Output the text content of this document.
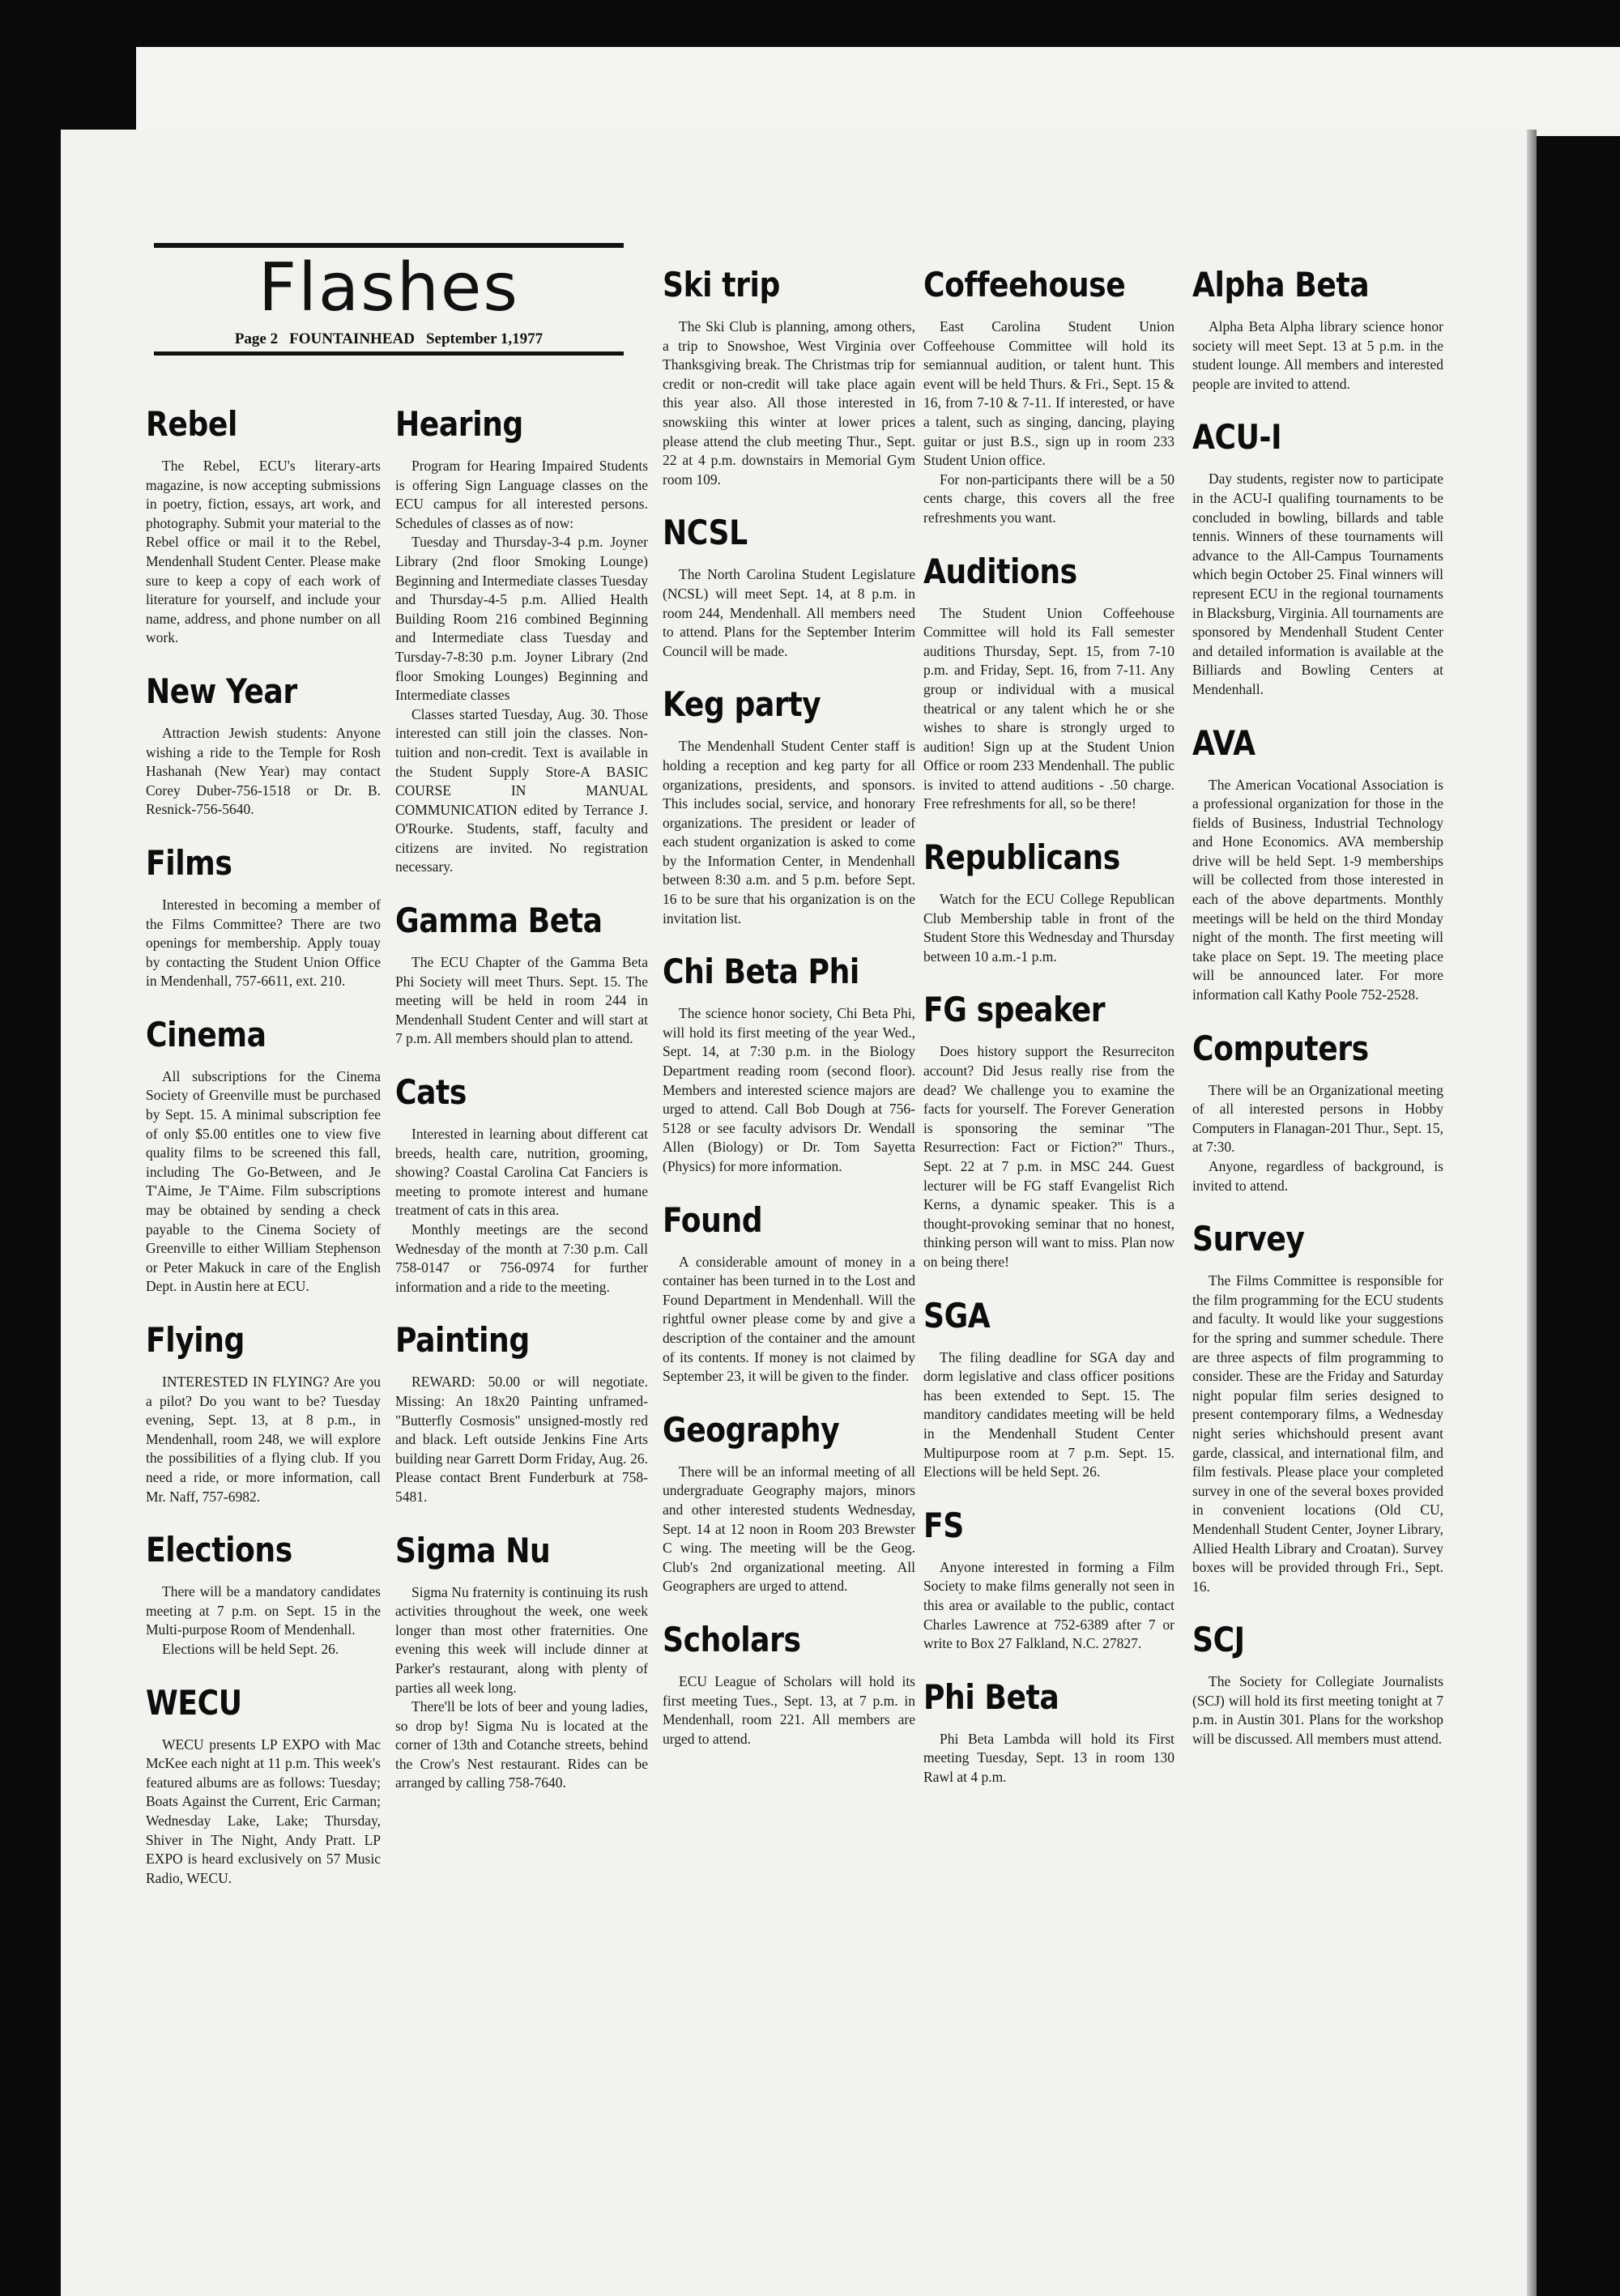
Flashes
Page 2 FOUNTAINHEAD September 1,1977
Rebel

The Rebel, ECU's literary-arts magazine, is now accepting submissions in poetry, fiction, essays, art work, and photography. Submit your material to the Rebel office or mail it to the Rebel, Mendenhall Student Center. Please make sure to keep a copy of each work of literature for yourself, and include your name, address, and phone number on all work.

New Year

Attraction Jewish students: Anyone wishing a ride to the Temple for Rosh Hashanah (New Year) may contact Corey Duber-756-1518 or Dr. B. Resnick-756-5640.

Films

Interested in becoming a member of the Films Committee? There are two openings for membership. Apply touay by contacting the Student Union Office in Mendenhall, 757-6611, ext. 210.

Cinema

All subscriptions for the Cinema Society of Greenville must be purchased by Sept. 15. A minimal subscription fee of only $5.00 entitles one to view five quality films to be screened this fall, including The Go-Between, and Je T'Aime, Je T'Aime. Film subscriptions may be obtained by sending a check payable to the Cinema Society of Greenville to either William Stephenson or Peter Makuck in care of the English Dept. in Austin here at ECU.

Flying

INTERESTED IN FLYING? Are you a pilot? Do you want to be? Tuesday evening, Sept. 13, at 8 p.m., in Mendenhall, room 248, we will explore the possibilities of a flying club. If you need a ride, or more information, call Mr. Naff, 757-6982.

Elections

There will be a mandatory candidates meeting at 7 p.m. on Sept. 15 in the Multi-purpose Room of Mendenhall.

Elections will be held Sept. 26.

WECU

WECU presents LP EXPO with Mac McKee each night at 11 p.m. This week's featured albums are as follows: Tuesday; Boats Against the Current, Eric Carman; Wednesday Lake, Lake; Thursday, Shiver in The Night, Andy Pratt. LP EXPO is heard exclusively on 57 Music Radio, WECU.

Hearing

Program for Hearing Impaired Students is offering Sign Language classes on the ECU campus for all interested persons. Schedules of classes as of now:

Tuesday and Thursday-3-4 p.m. Joyner Library (2nd floor Smoking Lounge) Beginning and Intermediate classes Tuesday and Thursday-4-5 p.m. Allied Health Building Room 216 combined Beginning and Intermediate class Tuesday and Tursday-7-8:30 p.m. Joyner Library (2nd floor Smoking Lounges) Beginning and Intermediate classes

Classes started Tuesday, Aug. 30. Those interested can still join the classes. Non-tuition and non-credit. Text is available in the Student Supply Store-A BASIC COURSE IN MANUAL COMMUNICATION edited by Terrance J. O'Rourke. Students, staff, faculty and citizens are invited. No registration necessary.

Gamma Beta

The ECU Chapter of the Gamma Beta Phi Society will meet Thurs. Sept. 15. The meeting will be held in room 244 in Mendenhall Student Center and will start at 7 p.m. All members should plan to attend.

Cats

Interested in learning about different cat breeds, health care, nutrition, grooming, showing? Coastal Carolina Cat Fanciers is meeting to promote interest and humane treatment of cats in this area.

Monthly meetings are the second Wednesday of the month at 7:30 p.m. Call 758-0147 or 756-0974 for further information and a ride to the meeting.

Painting

REWARD: 50.00 or will negotiate. Missing: An 18x20 Painting unframed- "Butterfly Cosmosis" unsigned-mostly red and black. Left outside Jenkins Fine Arts building near Garrett Dorm Friday, Aug. 26. Please contact Brent Funderburk at 758-5481.

Sigma Nu

Sigma Nu fraternity is continuing its rush activities throughout the week, one week longer than most other fraternities. One evening this week will include dinner at Parker's restaurant, along with plenty of parties all week long.

There'll be lots of beer and young ladies, so drop by! Sigma Nu is located at the corner of 13th and Cotanche streets, behind the Crow's Nest restaurant. Rides can be arranged by calling 758-7640.

Ski trip

The Ski Club is planning, among others, a trip to Snowshoe, West Virginia over Thanksgiving break. The Christmas trip for credit or non-credit will take place again this year also. All those interested in snowskiing this winter at lower prices please attend the club meeting Thur., Sept. 22 at 4 p.m. downstairs in Memorial Gym room 109.

NCSL

The North Carolina Student Legislature (NCSL) will meet Sept. 14, at 8 p.m. in room 244, Mendenhall. All members need to attend. Plans for the September Interim Council will be made.

Keg party

The Mendenhall Student Center staff is holding a reception and keg party for all organizations, presidents, and sponsors. This includes social, service, and honorary organizations. The president or leader of each student organization is asked to come by the Information Center, in Mendenhall between 8:30 a.m. and 5 p.m. before Sept. 16 to be sure that his organization is on the invitation list.

Chi Beta Phi

The science honor society, Chi Beta Phi, will hold its first meeting of the year Wed., Sept. 14, at 7:30 p.m. in the Biology Department reading room (second floor). Members and interested science majors are urged to attend. Call Bob Dough at 756-5128 or see faculty advisors Dr. Wendall Allen (Biology) or Dr. Tom Sayetta (Physics) for more information.

Found

A considerable amount of money in a container has been turned in to the Lost and Found Department in Mendenhall. Will the rightful owner please come by and give a description of the container and the amount of its contents. If money is not claimed by September 23, it will be given to the finder.

Geography

There will be an informal meeting of all undergraduate Geography majors, minors and other interested students Wednesday, Sept. 14 at 12 noon in Room 203 Brewster C wing. The meeting will be the Geog. Club's 2nd organizational meeting. All Geographers are urged to attend.

Scholars

ECU League of Scholars will hold its first meeting Tues., Sept. 13, at 7 p.m. in Mendenhall, room 221. All members are urged to attend.

Coffeehouse

East Carolina Student Union Coffeehouse Committee will hold its semiannual audition, or talent hunt. This event will be held Thurs. & Fri., Sept. 15 & 16, from 7-10 & 7-11. If interested, or have a talent, such as singing, dancing, playing guitar or just B.S., sign up in room 233 Student Union office.

For non-participants there will be a 50 cents charge, this covers all the free refreshments you want.

Auditions

The Student Union Coffeehouse Committee will hold its Fall semester auditions Thursday, Sept. 15, from 7-10 p.m. and Friday, Sept. 16, from 7-11. Any group or individual with a musical theatrical or any talent which he or she wishes to share is strongly urged to audition! Sign up at the Student Union Office or room 233 Mendenhall. The public is invited to attend auditions - .50 charge. Free refreshments for all, so be there!

Republicans

Watch for the ECU College Republican Club Membership table in front of the Student Store this Wednesday and Thursday between 10 a.m.-1 p.m.

FG speaker

Does history support the Resurreciton account? Did Jesus really rise from the dead? We challenge you to examine the facts for yourself. The Forever Generation is sponsoring the seminar "The Resurrection: Fact or Fiction?" Thurs., Sept. 22 at 7 p.m. in MSC 244. Guest lecturer will be FG staff Evangelist Rich Kerns, a dynamic speaker. This is a thought-provoking seminar that no honest, thinking person will want to miss. Plan now on being there!

SGA

The filing deadline for SGA day and dorm legislative and class officer positions has been extended to Sept. 15. The manditory candidates meeting will be held in the Mendenhall Student Center Multipurpose room at 7 p.m. Sept. 15. Elections will be held Sept. 26.

FS

Anyone interested in forming a Film Society to make films generally not seen in this area or available to the public, contact Charles Lawrence at 752-6389 after 7 or write to Box 27 Falkland, N.C. 27827.

Phi Beta

Phi Beta Lambda will hold its First meeting Tuesday, Sept. 13 in room 130 Rawl at 4 p.m.

Alpha Beta

Alpha Beta Alpha library science honor society will meet Sept. 13 at 5 p.m. in the student lounge. All members and interested people are invited to attend.

ACU-I

Day students, register now to participate in the ACU-I qualifing tournaments to be concluded in bowling, billards and table tennis. Winners of these tournaments will advance to the All-Campus Tournaments which begin October 25. Final winners will represent ECU in the regional tournaments in Blacksburg, Virginia. All tournaments are sponsored by Mendenhall Student Center and detailed information is available at the Billiards and Bowling Centers at Mendenhall.

AVA

The American Vocational Association is a professional organization for those in the fields of Business, Industrial Technology and Hone Economics. AVA membership drive will be held Sept. 1-9 memberships will be collected from those interested in each of the above departments. Monthly meetings will be held on the third Monday night of the month. The first meeting will take place on Sept. 19. The meeting place will be announced later. For more information call Kathy Poole 752-2528.

Computers

There will be an Organizational meeting of all interested persons in Hobby Computers in Flanagan-201 Thur., Sept. 15, at 7:30.

Anyone, regardless of background, is invited to attend.

Survey

The Films Committee is responsible for the film programming for the ECU students and faculty. It would like your suggestions for the spring and summer schedule. There are three aspects of film programming to consider. These are the Friday and Saturday night popular film series designed to present contemporary films, a Wednesday night series whichshould present avant garde, classical, and international film, and film festivals. Please place your completed survey in one of the several boxes provided in convenient locations (Old CU, Mendenhall Student Center, Joyner Library, Allied Health Library and Croatan). Survey boxes will be provided through Fri., Sept. 16.

SCJ

The Society for Collegiate Journalists (SCJ) will hold its first meeting tonight at 7 p.m. in Austin 301. Plans for the workshop will be discussed. All members must attend.
